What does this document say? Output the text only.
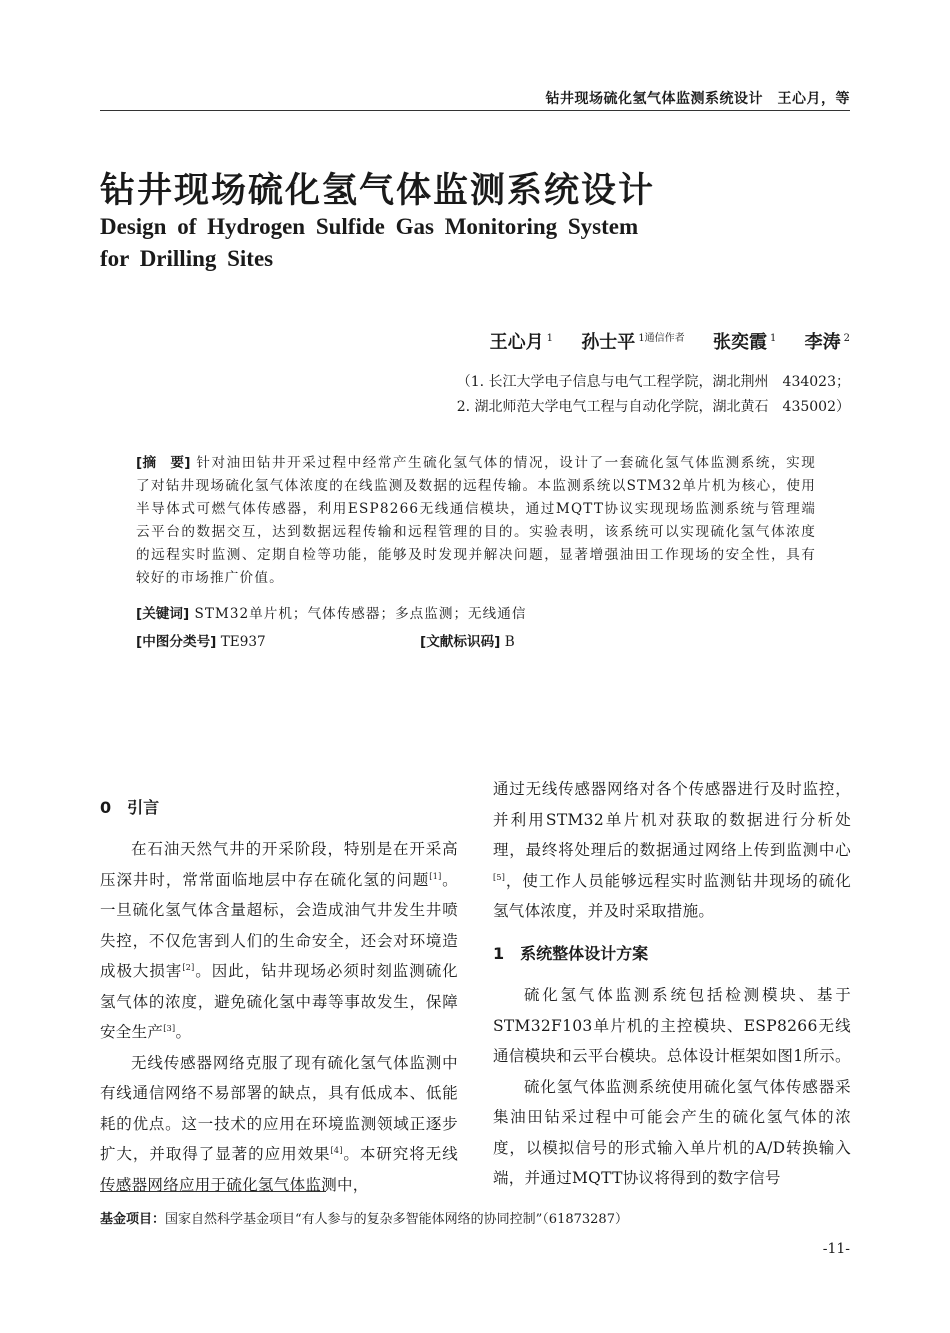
钻井现场硫化氢气体监测系统设计　王心月，等
钻井现场硫化氢气体监测系统设计
Design of Hydrogen Sulfide Gas Monitoring System for Drilling Sites
王心月 $^1$ 孙士平 $^{1通信作者}$ 张奕霞 $^1$ 李涛 $^2$
（1. 长江大学电子信息与电气工程学院，湖北荆州　434023；
2. 湖北师范大学电气工程与自动化学院，湖北黄石　435002）
[摘　要] 针对油田钻井开采过程中经常产生硫化氢气体的情况，设计了一套硫化氢气体监测系统，实现了对钻井现场硫化氢气体浓度的在线监测及数据的远程传输。本监测系统以STM32单片机为核心，使用半导体式可燃气体传感器，利用ESP8266无线通信模块，通过MQTT协议实现现场监测系统与管理端云平台的数据交互，达到数据远程传输和远程管理的目的。实验表明，该系统可以实现硫化氢气体浓度的远程实时监测、定期自检等功能，能够及时发现并解决问题，显著增强油田工作现场的安全性，具有较好的市场推广价值。
[关键词] STM32单片机；气体传感器；多点监测；无线通信
[中图分类号] TE937	[文献标识码] B
0 引言

在石油天然气井的开采阶段，特别是在开采高压深井时，常常面临地层中存在硫化氢的问题[1]。一旦硫化氢气体含量超标，会造成油气井发生井喷失控，不仅危害到人们的生命安全，还会对环境造成极大损害[2]。因此，钻井现场必须时刻监测硫化氢气体的浓度，避免硫化氢中毒等事故发生，保障安全生产[3]。

无线传感器网络克服了现有硫化氢气体监测中有线通信网络不易部署的缺点，具有低成本、低能耗的优点。这一技术的应用在环境监测领域正逐步扩大，并取得了显著的应用效果[4]。本研究将无线传感器网络应用于硫化氢气体监测中，

通过无线传感器网络对各个传感器进行及时监控，并利用STM32单片机对获取的数据进行分析处理，最终将处理后的数据通过网络上传到监测中心[5]，使工作人员能够远程实时监测钻井现场的硫化氢气体浓度，并及时采取措施。

1 系统整体设计方案

硫化氢气体监测系统包括检测模块、基于STM32F103单片机的主控模块、ESP8266无线通信模块和云平台模块。总体设计框架如图1所示。

硫化氢气体监测系统使用硫化氢气体传感器采集油田钻采过程中可能会产生的硫化氢气体的浓度，以模拟信号的形式输入单片机的A/D转换输入端，并通过MQTT协议将得到的数字信号

基金项目：国家自然科学基金项目“有人参与的复杂多智能体网络的协同控制”（61873287）
-11-
